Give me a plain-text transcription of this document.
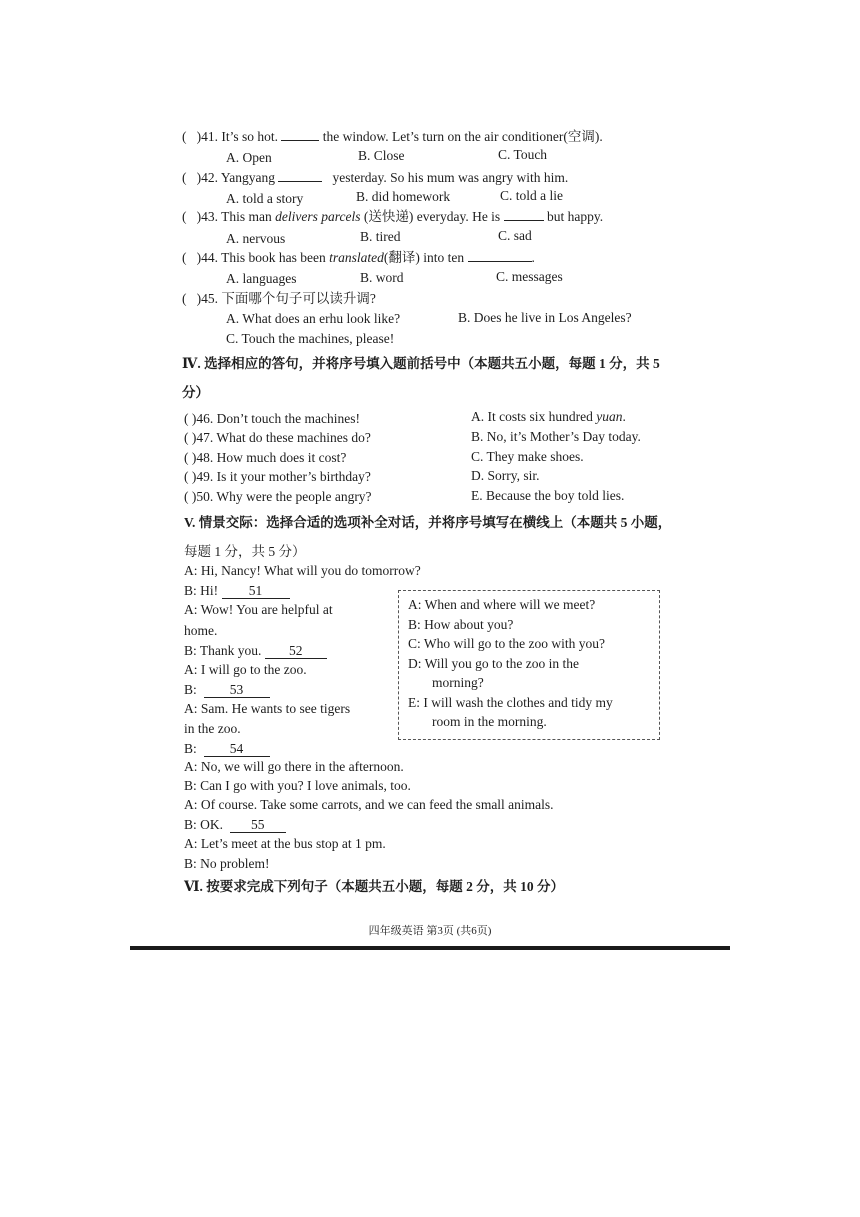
( )41. It’s so hot.	the window. Let’s turn on the air conditioner(空调).
A. Open	B. Close	C. Touch
( )42. Yangyang	yesterday. So his mum was angry with him.
A. told a story	B. did homework	C. told a lie
( )43. This man delivers parcels (送快递) everyday. He is	but happy.
A. nervous	B. tired	C. sad
( )44. This book has been translated(翻译) into ten	.
A. languages	B. word	C. messages
( )45. 下面哪个句子可以读升调?
A. What does an erhu look like?	B. Does he live in Los Angeles?
C. Touch the machines, please!
Ⅳ. 选择相应的答句，并将序号填入题前括号中（本题共五小题，每题 1 分，共 5
分）
( )46. Don’t touch the machines!
( )47. What do these machines do?
( )48. How much does it cost?
( )49. Is it your mother’s birthday?
( )50. Why were the people angry?
A. It costs six hundred yuan.
B. No, it’s Mother’s Day today.
C. They make shoes.
D. Sorry, sir.
E. Because the boy told lies.
V. 情景交际：选择合适的选项补全对话，并将序号填写在横线上（本题共 5 小题，
每题 1 分，共 5 分）
A: Hi, Nancy! What will you do tomorrow?
B: Hi! 51
A: Wow! You are helpful at
home.
B: Thank you. 52
A: I will go to the zoo.
B: 53
A: Sam. He wants to see tigers
in the zoo.
B: 54
A: No, we will go there in the afternoon.
B: Can I go with you? I love animals, too.
A: Of course. Take some carrots, and we can feed the small animals.
B: OK. 55
A: Let’s meet at the bus stop at 1 pm.
B: No problem!
A: When and where will we meet?
B: How about you?
C: Who will go to the zoo with you?
D: Will you go to the zoo in the
morning?
E: I will wash the clothes and tidy my
room in the morning.
Ⅵ. 按要求完成下列句子（本题共五小题，每题 2 分，共 10 分）
四年级英语 第3页 (共6页)
